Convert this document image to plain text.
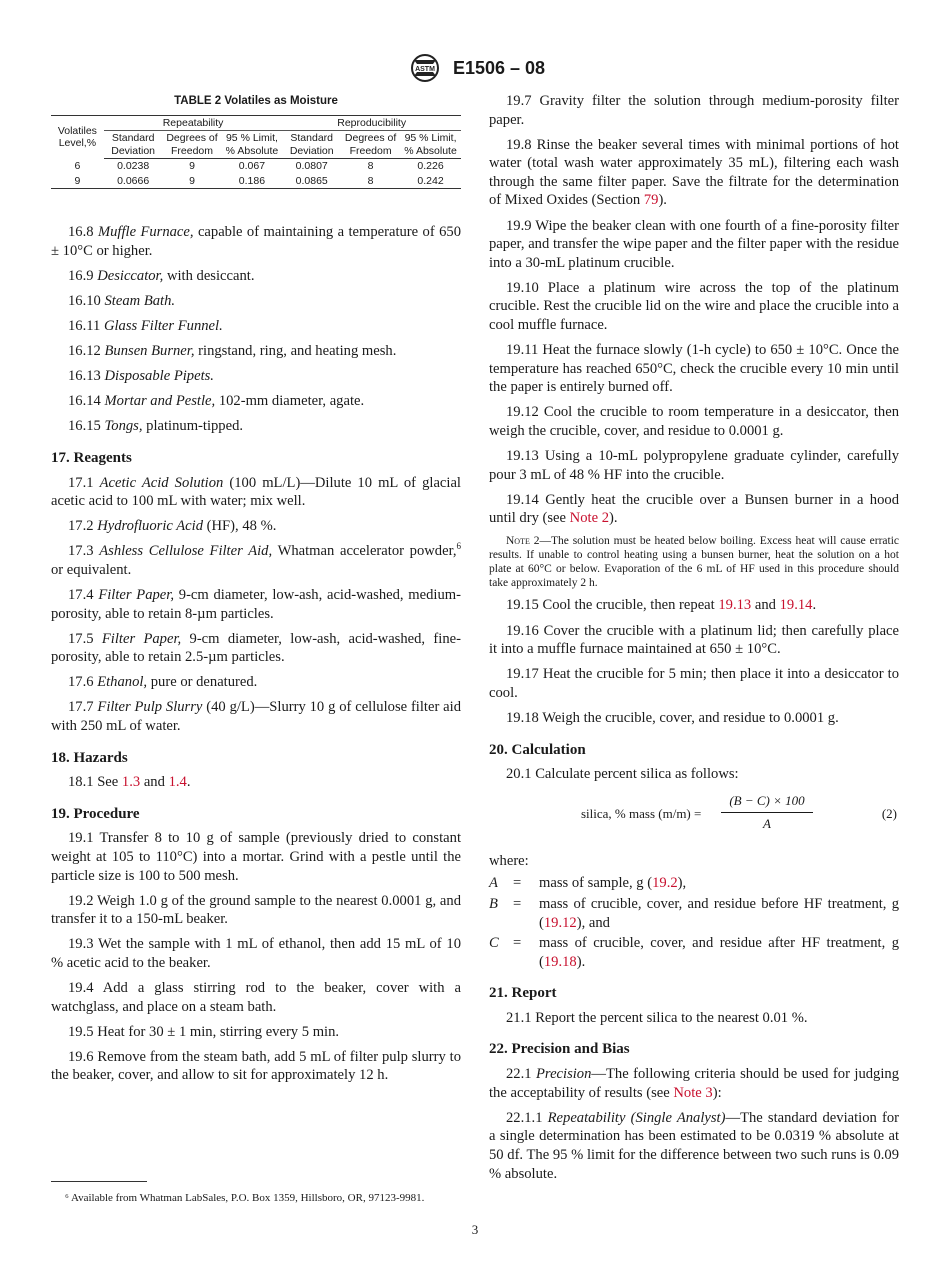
ASTM E1506 – 08
TABLE 2 Volatiles as Moisture
Volatiles Level,%	Repeatability			Reproducibility		
	Standard Deviation	Degrees of Freedom	95 % Limit, % Absolute	Standard Deviation	Degrees of Freedom	95 % Limit, % Absolute
6	0.0238	9	0.067	0.0807	8	0.226
9	0.0666	9	0.186	0.0865	8	0.242

16.8 Muffle Furnace, capable of maintaining a temperature of 650 ± 10°C or higher.

16.9 Desiccator, with desiccant.

16.10 Steam Bath.

16.11 Glass Filter Funnel.

16.12 Bunsen Burner, ringstand, ring, and heating mesh.

16.13 Disposable Pipets.

16.14 Mortar and Pestle, 102-mm diameter, agate.

16.15 Tongs, platinum-tipped.

17. Reagents

17.1 Acetic Acid Solution (100 mL/L)—Dilute 10 mL of glacial acetic acid to 100 mL with water; mix well.

17.2 Hydrofluoric Acid (HF), 48 %.

17.3 Ashless Cellulose Filter Aid, Whatman accelerator powder,$^6$ or equivalent.

17.4 Filter Paper, 9-cm diameter, low-ash, acid-washed, medium-porosity, able to retain 8-µm particles.

17.5 Filter Paper, 9-cm diameter, low-ash, acid-washed, fine-porosity, able to retain 2.5-µm particles.

17.6 Ethanol, pure or denatured.

17.7 Filter Pulp Slurry (40 g/L)—Slurry 10 g of cellulose filter aid with 250 mL of water.

18. Hazards

18.1 See 1.3 and 1.4.

19. Procedure

19.1 Transfer 8 to 10 g of sample (previously dried to constant weight at 105 to 110°C) into a mortar. Grind with a pestle until the particle size is 100 to 500 mesh.

19.2 Weigh 1.0 g of the ground sample to the nearest 0.0001 g, and transfer it to a 150-mL beaker.

19.3 Wet the sample with 1 mL of ethanol, then add 15 mL of 10 % acetic acid to the beaker.

19.4 Add a glass stirring rod to the beaker, cover with a watchglass, and place on a steam bath.

19.5 Heat for 30 ± 1 min, stirring every 5 min.

19.6 Remove from the steam bath, add 5 mL of filter pulp slurry to the beaker, cover, and allow to sit for approximately 12 h.

⁶ Available from Whatman LabSales, P.O. Box 1359, Hillsboro, OR, 97123-9981.

19.7 Gravity filter the solution through medium-porosity filter paper.

19.8 Rinse the beaker several times with minimal portions of hot water (total wash water approximately 35 mL), filtering each wash through the same filter paper. Save the filtrate for the determination of Mixed Oxides (Section 79).

19.9 Wipe the beaker clean with one fourth of a fine-porosity filter paper, and transfer the wipe paper and the filter paper with the residue into a 30-mL platinum crucible.

19.10 Place a platinum wire across the top of the platinum crucible. Rest the crucible lid on the wire and place the crucible into a cool muffle furnace.

19.11 Heat the furnace slowly (1-h cycle) to 650 ± 10°C. Once the temperature has reached 650°C, check the crucible every 10 min until the paper is entirely burned off.

19.12 Cool the crucible to room temperature in a desiccator, then weigh the crucible, cover, and residue to 0.0001 g.

19.13 Using a 10-mL polypropylene graduate cylinder, carefully pour 3 mL of 48 % HF into the crucible.

19.14 Gently heat the crucible over a Bunsen burner in a hood until dry (see Note 2).

Note 2—The solution must be heated below boiling. Excess heat will cause erratic results. If unable to control heating using a bunsen burner, heat the solution on a hot plate at 60°C or below. Evaporation of the 6 mL of HF used in this procedure should take approximately 2 h.

19.15 Cool the crucible, then repeat 19.13 and 19.14.

19.16 Cover the crucible with a platinum lid; then carefully place it into a muffle furnace maintained at 650 ± 10°C.

19.17 Heat the crucible for 5 min; then place it into a desiccator to cool.

19.18 Weigh the crucible, cover, and residue to 0.0001 g.

20. Calculation

20.1 Calculate percent silica as follows:

silica, % mass $(m/m) = \frac{(B - C) \times 100}{A}$	(2)
where:
A	=	mass of sample, g (19.2),
B	=	mass of crucible, cover, and residue before HF treatment, g (19.12), and
C =	mass of crucible, cover, and residue after HF treatment, g (19.18).
21. Report

21.1 Report the percent silica to the nearest 0.01 %.

22. Precision and Bias

22.1 Precision—The following criteria should be used for judging the acceptability of results (see Note 3):

22.1.1 Repeatability (Single Analyst)—The standard deviation for a single determination has been estimated to be 0.0319 % absolute at 50 df. The 95 % limit for the difference between two such runs is 0.09 % absolute.

3
